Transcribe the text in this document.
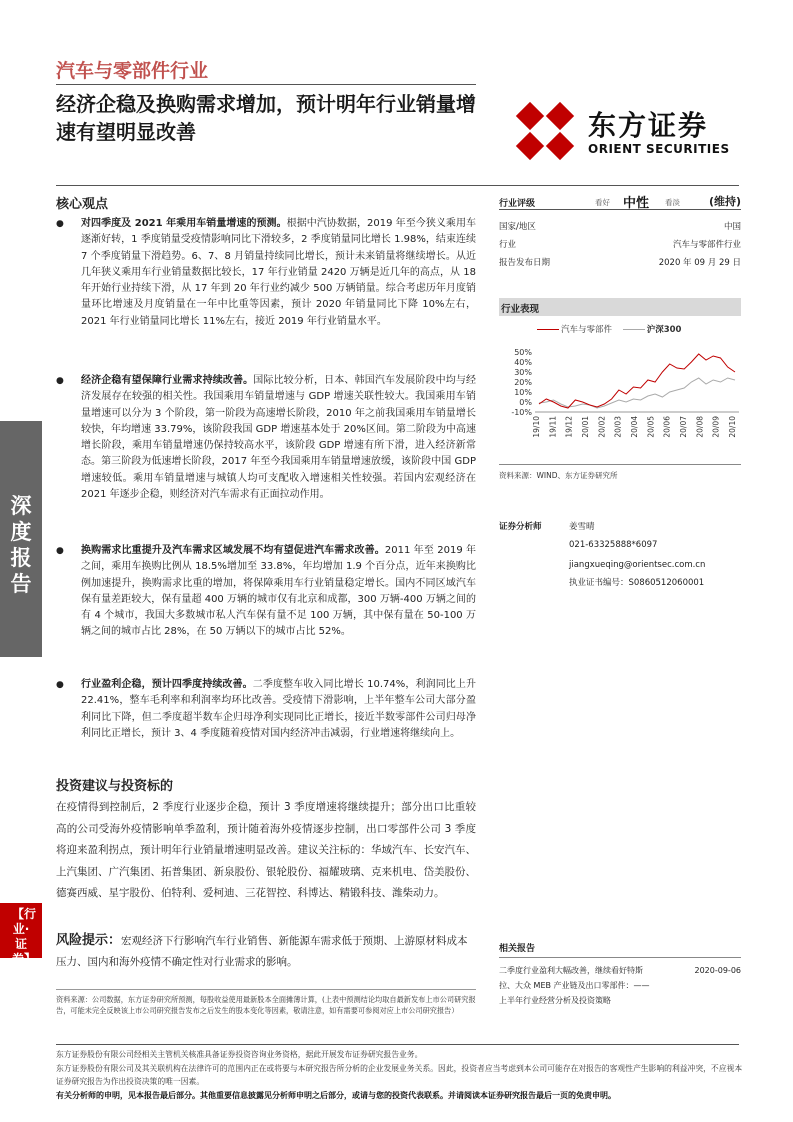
深度报告
【行业·证券】
汽车与零部件行业
经济企稳及换购需求增加，预计明年行业销量增速有望明显改善	东方证券
ORIENT SECURITIES
核心观点
● 对四季度及 2021 年乘用车销量增速的预测。根据中汽协数据，2019 年至今狭义乘用车逐渐好转，1 季度销量受疫情影响同比下滑较多，2 季度销量同比增长 1.98%，结束连续 7 个季度销量下滑趋势。6、7、8 月销量持续同比增长，预计未来销量将继续增长。从近几年狭义乘用车行业销量数据比较长，17 年行业销量 2420 万辆是近几年的高点，从 18 年开始行业持续下滑，从 17 年到 20 年行业约减少 500 万辆销量。综合考虑历年月度销量环比增速及月度销量在一年中比重等因素，预计 2020 年销量同比下降 10%左右，2021 年行业销量同比增长 11%左右，接近 2019 年行业销量水平。

● 经济企稳有望保障行业需求持续改善。国际比较分析，日本、韩国汽车发展阶段中均与经济发展存在较强的相关性。我国乘用车销量增速与 GDP 增速关联性较大。我国乘用车销量增速可以分为 3 个阶段，第一阶段为高速增长阶段，2010 年之前我国乘用车销量增长较快，年均增速 33.79%，该阶段我国 GDP 增速基本处于 20%区间。第二阶段为中高速增长阶段，乘用车销量增速仍保持较高水平，该阶段 GDP 增速有所下滑，进入经济新常态。第三阶段为低速增长阶段，2017 年至今我国乘用车销量增速放缓，该阶段中国 GDP 增速较低。乘用车销量增速与城镇人均可支配收入增速相关性较强。若国内宏观经济在 2021 年逐步企稳，则经济对汽车需求有正面拉动作用。

● 换购需求比重提升及汽车需求区域发展不均有望促进汽车需求改善。2011 年至 2019 年之间，乘用车换购比例从 18.5%增加至 33.8%，年均增加 1.9 个百分点，近年来换购比例加速提升，换购需求比重的增加，将保障乘用车行业销量稳定增长。国内不同区域汽车保有量差距较大，保有量超 400 万辆的城市仅有北京和成都，300 万辆-400 万辆之间的有 4 个城市，我国大多数城市私人汽车保有量不足 100 万辆，其中保有量在 50-100 万辆之间的城市占比 28%，在 50 万辆以下的城市占比 52%。

● 行业盈利企稳，预计四季度持续改善。二季度整车收入同比增长 10.74%，利润同比上升 22.41%，整车毛利率和利润率均环比改善。受疫情下滑影响，上半年整车公司大部分盈利同比下降，但二季度超半数车企归母净利实现同比正增长，接近半数零部件公司归母净利同比正增长，预计 3、4 季度随着疫情对国内经济冲击减弱，行业增速将继续向上。

投资建议与投资标的
在疫情得到控制后，2 季度行业逐步企稳，预计 3 季度增速将继续提升；部分出口比重较高的公司受海外疫情影响单季盈利，预计随着海外疫情逐步控制，出口零部件公司 3 季度将迎来盈利拐点，预计明年行业销量增速明显改善。建议关注标的：华域汽车、长安汽车、上汽集团、广汽集团、拓普集团、新泉股份、银轮股份、福耀玻璃、克来机电、岱美股份、德赛西威、星宇股份、伯特利、爱柯迪、三花智控、科博达、精锻科技、潍柴动力。
风险提示：宏观经济下行影响汽车行业销售、新能源车需求低于预期、上游原材料成本压力、国内和海外疫情不确定性对行业需求的影响。
资料来源：公司数据，东方证券研究所预测，每股收益使用最新股本全面摊薄计算，(上表中预测结论均取自最新发布上市公司研究报告，可能未完全反映该上市公司研究报告发布之后发生的股本变化等因素，敬请注意，如有需要可参阅对应上市公司研究报告）
行业评级	看好 中性 看淡	(维持)
国家/地区	中国
行业	汽车与零部件行业
报告发布日期	2020 年 09 月 29 日
行业表现
汽车与零部件	沪深300
50%
40%
30%
20%
10%
0%
-10%
19/10 19/11 19/12 20/01 20/02 20/03 20/04 20/05 20/06 20/07 20/08 20/09 20/10
资料来源：WIND、东方证券研究所
证券分析师	姜雪晴
021-63325888*6097
jiangxueqing@orientsec.com.cn
执业证书编号：S0860512060001
相关报告
二季度行业盈利大幅改善，继续看好特斯	2020-09-06
拉、大众 MEB 产业链及出口零部件：——
上半年行业经营分析及投资策略
东方证券股份有限公司经相关主管机关核准具备证券投资咨询业务资格，据此开展发布证券研究报告业务。
东方证券股份有限公司及其关联机构在法律许可的范围内正在或将要与本研究报告所分析的企业发展业务关系。因此，投资者应当考虑到本公司可能存在对报告的客观性产生影响的利益冲突，不应视本证券研究报告为作出投资决策的唯一因素。
有关分析师的申明，见本报告最后部分。其他重要信息披露见分析师申明之后部分，或请与您的投资代表联系。并请阅读本证券研究报告最后一页的免责申明。
